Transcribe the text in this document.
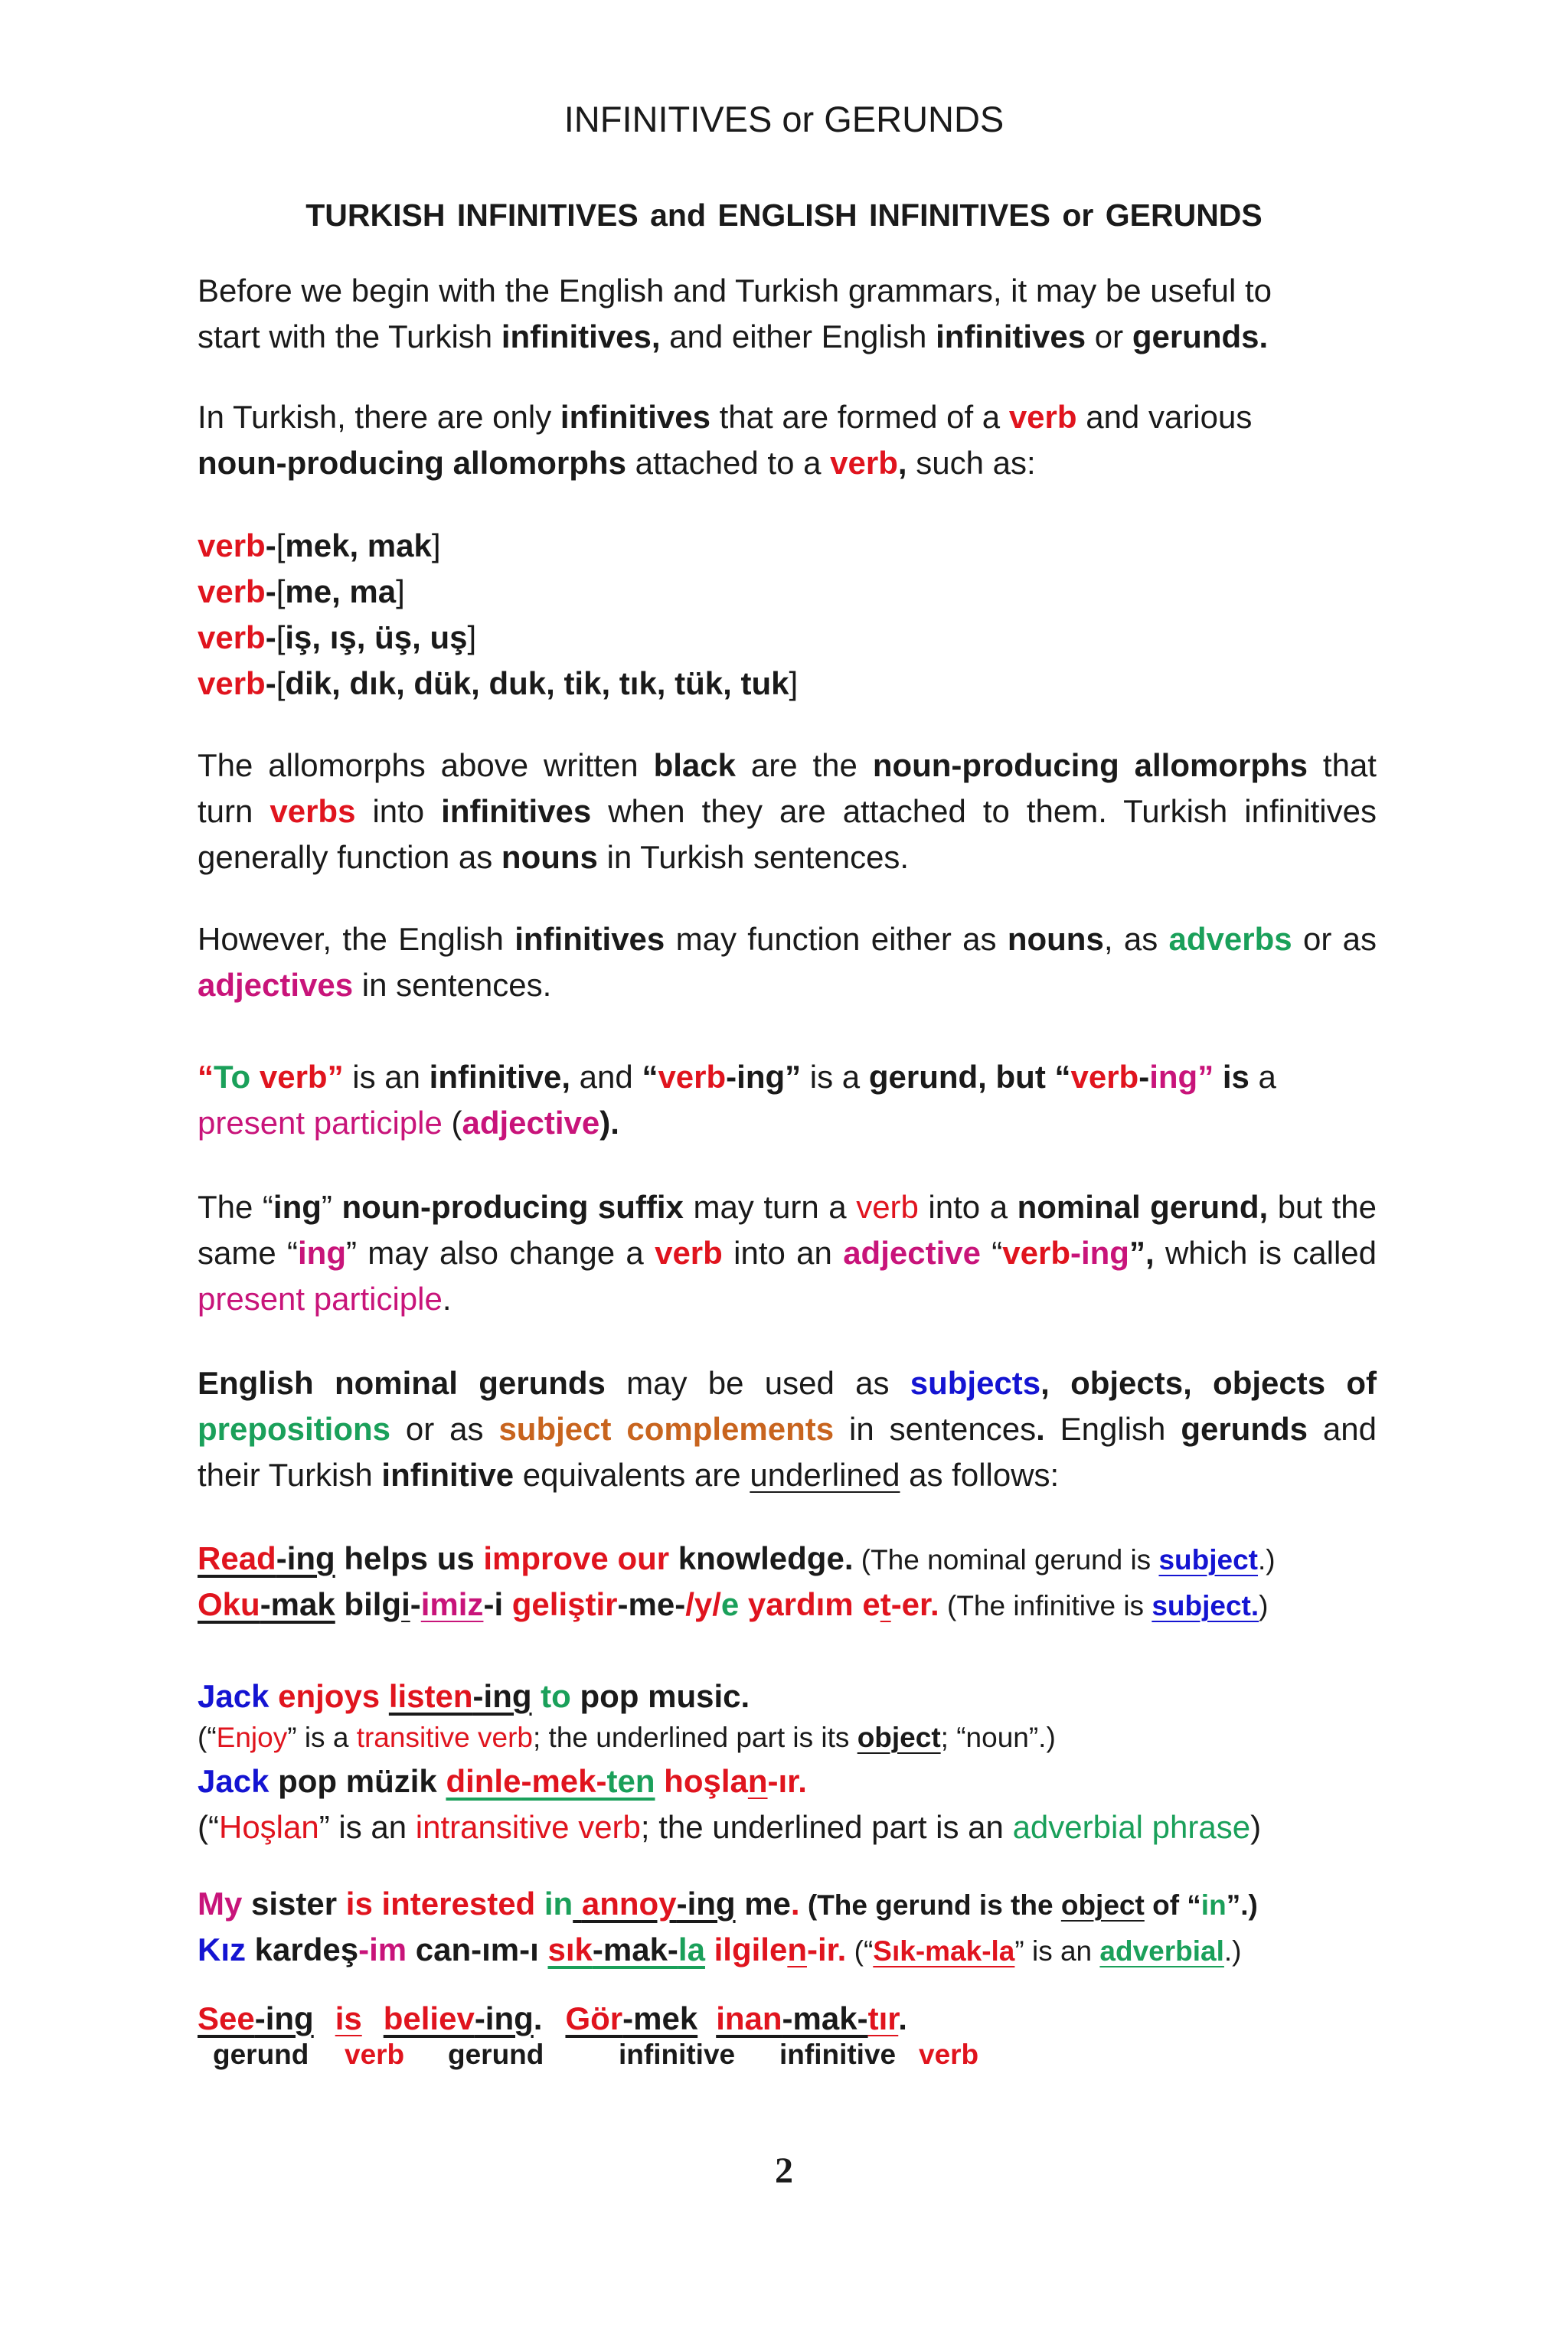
INFINITIVES or GERUNDS
TURKISH INFINITIVES and ENGLISH INFINITIVES or GERUNDS
Before we begin with the English and Turkish grammars, it may be useful to
start with the Turkish infinitives, and either English infinitives or gerunds.
In Turkish, there are only infinitives that are formed of a verb and various
noun-producing allomorphs attached to a verb, such as:
verb-[mek, mak]
verb-[me, ma]
verb-[iş, ış, üş, uş]
verb-[dik, dık, dük, duk, tik, tık, tük, tuk]
The allomorphs above written black are the noun-producing allomorphs that turn verbs into infinitives when they are attached to them. Turkish infinitives generally function as nouns in Turkish sentences.
However, the English infinitives may function either as nouns, as adverbs or as adjectives in sentences.
“To verb” is an infinitive, and “verb-ing” is a gerund, but “verb-ing” is a
present participle (adjective).
The “ing” noun-producing suffix may turn a verb into a nominal gerund, but the same “ing” may also change a verb into an adjective “verb-ing”, which is called present participle.
English nominal gerunds may be used as subjects, objects, objects of prepositions or as subject complements in sentences. English gerunds and their Turkish infinitive equivalents are underlined as follows:
Read-ing helps us improve our knowledge. (The nominal gerund is subject.)
Oku-mak bilgi-imiz-i geliştir-me-/y/e yardım et-er. (The infinitive is subject.)
Jack enjoys listen-ing to pop music.
(“Enjoy” is a transitive verb; the underlined part is its object; “noun”.)
Jack pop müzik dinle-mek-ten hoşlan-ır.
(“Hoşlan” is an intransitive verb; the underlined part is an adverbial phrase)
My sister is interested in annoy-ing me. (The gerund is the object of “in”.)
Kız kardeş-im can-ım-ı sık-mak-la ilgilen-ir. (“Sık-mak-la” is an adverbial.)
See-ing is believ-ing. Gör-mek inan-mak-tır.
gerund verb gerund	infinitive infinitive verb
2
